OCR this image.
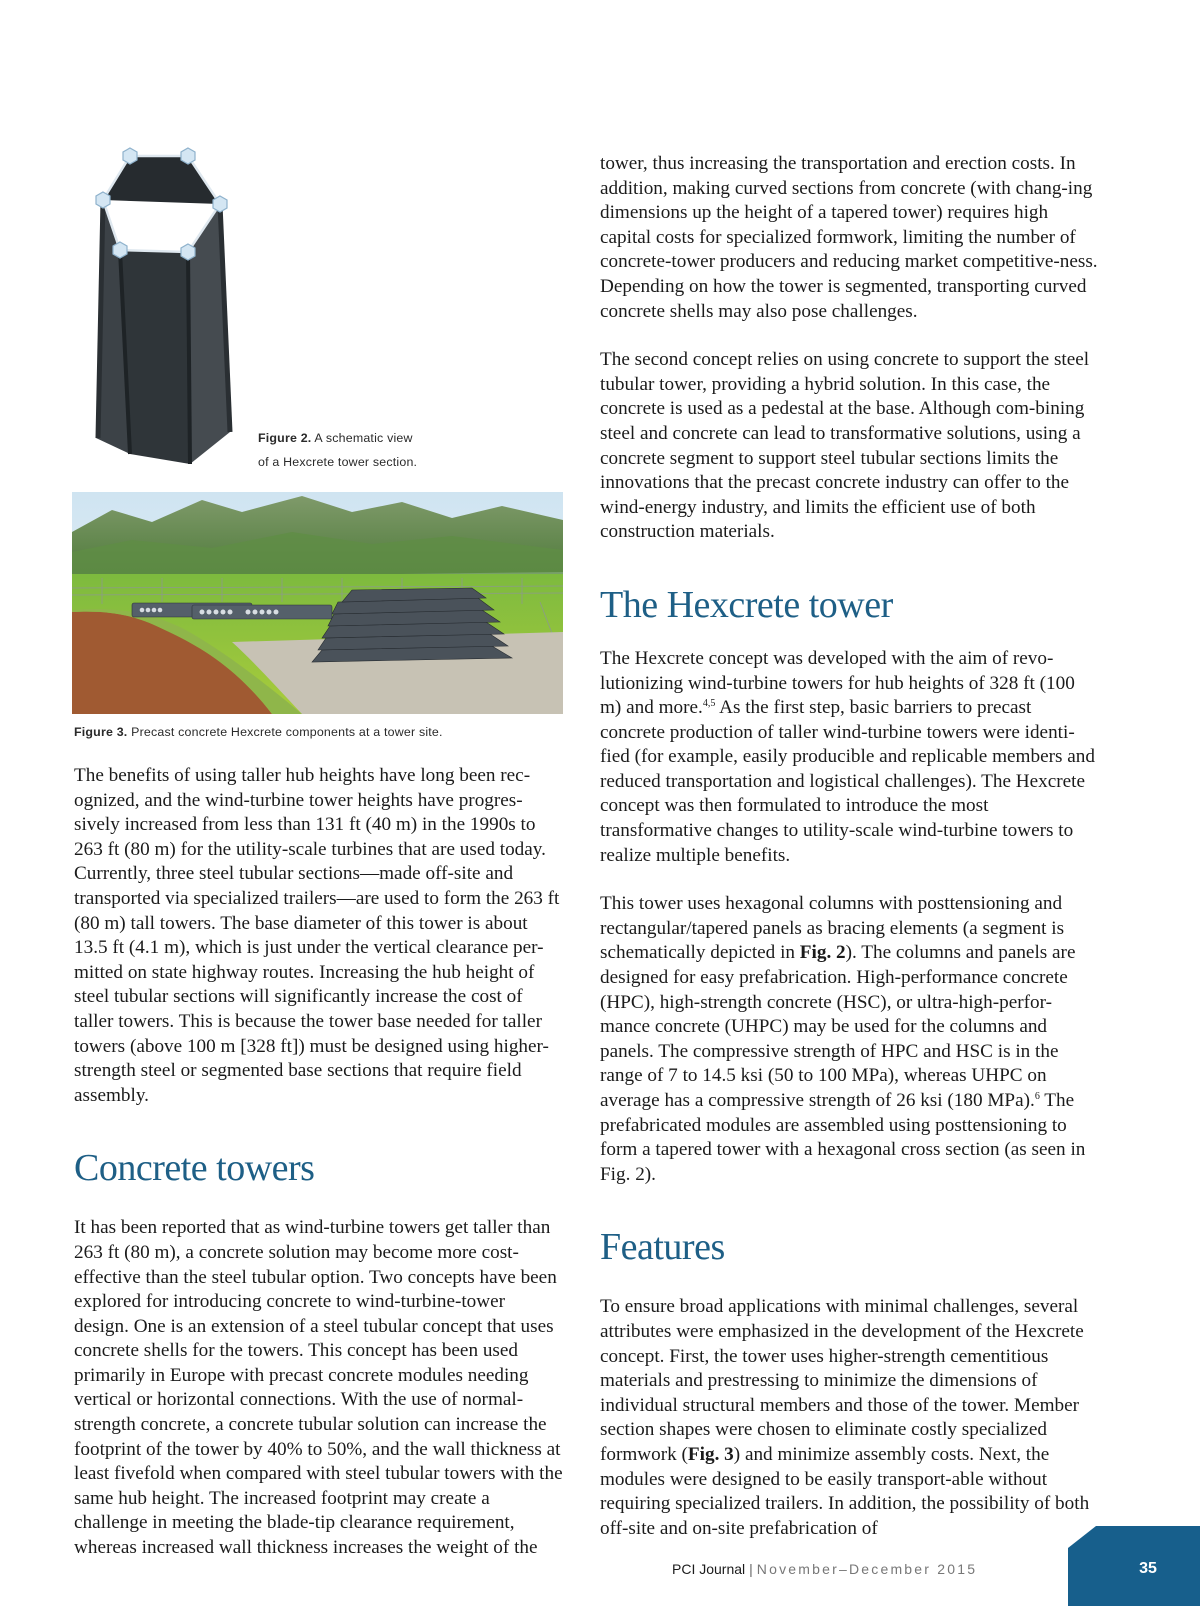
Figure 2. A schematic view
of a Hexcrete tower section.
Figure 3. Precast concrete Hexcrete components at a tower site.

The benefits of using taller hub heights have long been rec-ognized, and the wind-turbine tower heights have progres-sively increased from less than 131 ft (40 m) in the 1990s to 263 ft (80 m) for the utility-scale turbines that are used today. Currently, three steel tubular sections—made off-site and transported via specialized trailers—are used to form the 263 ft (80 m) tall towers. The base diameter of this tower is about 13.5 ft (4.1 m), which is just under the vertical clearance per-mitted on state highway routes. Increasing the hub height of steel tubular sections will significantly increase the cost of taller towers. This is because the tower base needed for taller towers (above 100 m [328 ft]) must be designed using higher-strength steel or segmented base sections that require field assembly.

Concrete towers

It has been reported that as wind-turbine towers get taller than 263 ft (80 m), a concrete solution may become more cost-effective than the steel tubular option. Two concepts have been explored for introducing concrete to wind-turbine-tower design. One is an extension of a steel tubular concept that uses concrete shells for the towers. This concept has been used primarily in Europe with precast concrete modules needing vertical or horizontal connections. With the use of normal-strength concrete, a concrete tubular solution can increase the footprint of the tower by 40% to 50%, and the wall thickness at least fivefold when compared with steel tubular towers with the same hub height. The increased footprint may create a challenge in meeting the blade-tip clearance requirement, whereas increased wall thickness increases the weight of the

tower, thus increasing the transportation and erection costs. In addition, making curved sections from concrete (with chang-ing dimensions up the height of a tapered tower) requires high capital costs for specialized formwork, limiting the number of concrete-tower producers and reducing market competitive-ness. Depending on how the tower is segmented, transporting curved concrete shells may also pose challenges.

The second concept relies on using concrete to support the steel tubular tower, providing a hybrid solution. In this case, the concrete is used as a pedestal at the base. Although com-bining steel and concrete can lead to transformative solutions, using a concrete segment to support steel tubular sections limits the innovations that the precast concrete industry can offer to the wind-energy industry, and limits the efficient use of both construction materials.

The Hexcrete tower

The Hexcrete concept was developed with the aim of revo-lutionizing wind-turbine towers for hub heights of 328 ft (100 m) and more.$^{4,5}$ As the first step, basic barriers to precast concrete production of taller wind-turbine towers were identi-fied (for example, easily producible and replicable members and reduced transportation and logistical challenges). The Hexcrete concept was then formulated to introduce the most transformative changes to utility-scale wind-turbine towers to realize multiple benefits.

This tower uses hexagonal columns with posttensioning and rectangular/tapered panels as bracing elements (a segment is schematically depicted in Fig. 2). The columns and panels are designed for easy prefabrication. High-performance concrete (HPC), high-strength concrete (HSC), or ultra-high-perfor-mance concrete (UHPC) may be used for the columns and panels. The compressive strength of HPC and HSC is in the range of 7 to 14.5 ksi (50 to 100 MPa), whereas UHPC on average has a compressive strength of 26 ksi (180 MPa).$^6$ The prefabricated modules are assembled using posttensioning to form a tapered tower with a hexagonal cross section (as seen in Fig. 2).

Features

To ensure broad applications with minimal challenges, several attributes were emphasized in the development of the Hexcrete concept. First, the tower uses higher-strength cementitious materials and prestressing to minimize the dimensions of individual structural members and those of the tower. Member section shapes were chosen to eliminate costly specialized formwork (Fig. 3) and minimize assembly costs. Next, the modules were designed to be easily transport-able without requiring specialized trailers. In addition, the possibility of both off-site and on-site prefabrication of

PCI Journal | November–December 2015	35
